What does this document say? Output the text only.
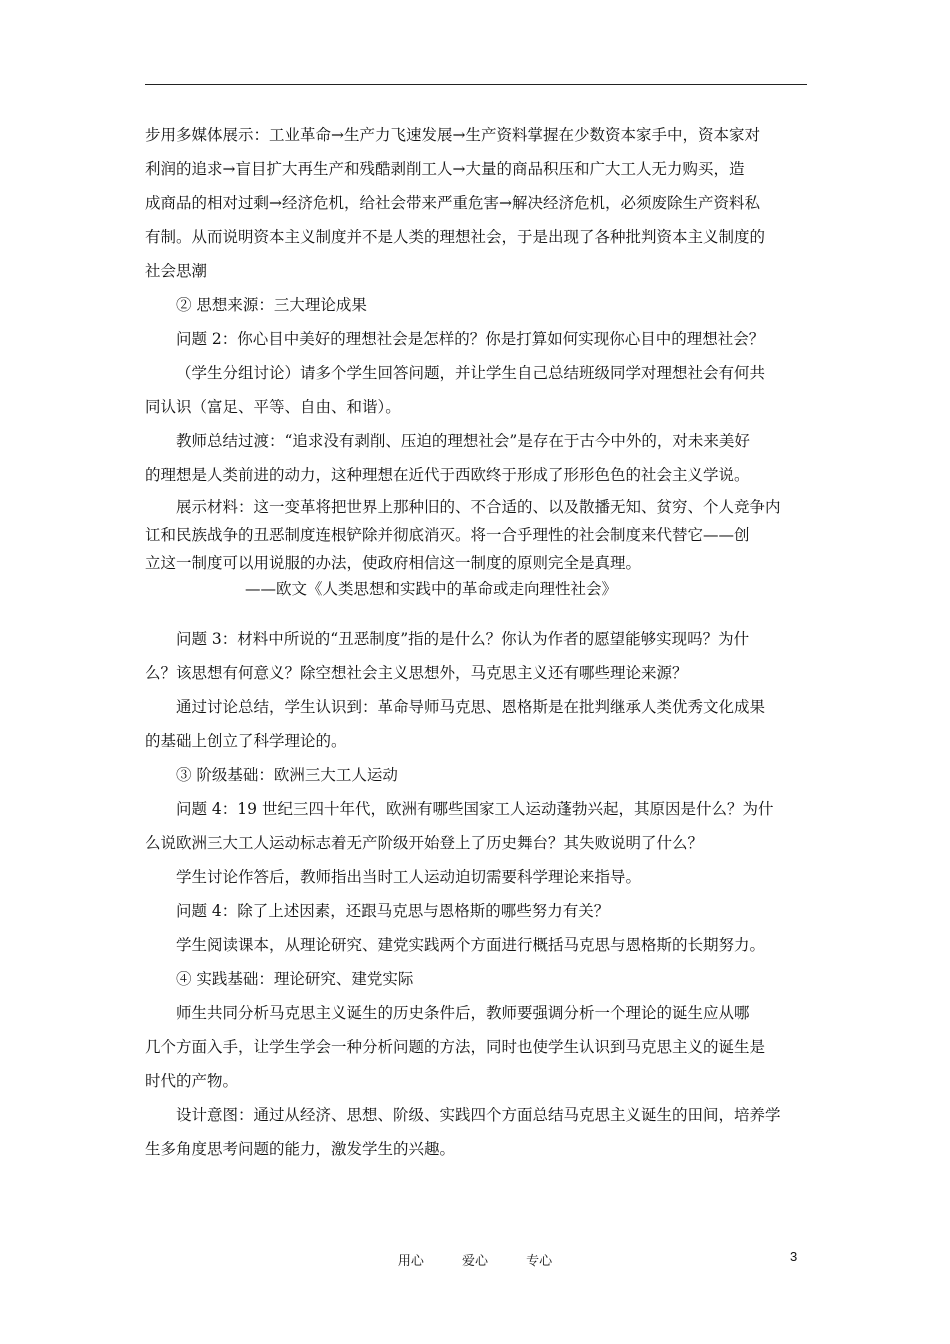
步用多媒体展示：工业革命→生产力飞速发展→生产资料掌握在少数资本家手中，资本家对

利润的追求→盲目扩大再生产和残酷剥削工人→大量的商品积压和广大工人无力购买，造

成商品的相对过剩→经济危机，给社会带来严重危害→解决经济危机，必须废除生产资料私

有制。从而说明资本主义制度并不是人类的理想社会，于是出现了各种批判资本主义制度的

社会思潮

② 思想来源：三大理论成果

问题 2：你心目中美好的理想社会是怎样的？你是打算如何实现你心目中的理想社会？

（学生分组讨论）请多个学生回答问题，并让学生自己总结班级同学对理想社会有何共

同认识（富足、平等、自由、和谐）。

教师总结过渡：“追求没有剥削、压迫的理想社会”是存在于古今中外的，对未来美好

的理想是人类前进的动力，这种理想在近代于西欧终于形成了形形色色的社会主义学说。

展示材料：这一变革将把世界上那种旧的、不合适的、以及散播无知、贫穷、个人竞争内

讧和民族战争的丑恶制度连根铲除并彻底消灭。将一合乎理性的社会制度来代替它——创

立这一制度可以用说服的办法，使政府相信这一制度的原则完全是真理。

——欧文《人类思想和实践中的革命或走向理性社会》

问题 3：材料中所说的“丑恶制度”指的是什么？你认为作者的愿望能够实现吗？为什

么？该思想有何意义？除空想社会主义思想外，马克思主义还有哪些理论来源？

通过讨论总结，学生认识到：革命导师马克思、恩格斯是在批判继承人类优秀文化成果

的基础上创立了科学理论的。

③ 阶级基础：欧洲三大工人运动

问题 4：19 世纪三四十年代，欧洲有哪些国家工人运动蓬勃兴起，其原因是什么？为什

么说欧洲三大工人运动标志着无产阶级开始登上了历史舞台？其失败说明了什么？

学生讨论作答后，教师指出当时工人运动迫切需要科学理论来指导。

问题 4：除了上述因素，还跟马克思与恩格斯的哪些努力有关？

学生阅读课本，从理论研究、建党实践两个方面进行概括马克思与恩格斯的长期努力。

④ 实践基础：理论研究、建党实际

师生共同分析马克思主义诞生的历史条件后，教师要强调分析一个理论的诞生应从哪

几个方面入手，让学生学会一种分析问题的方法，同时也使学生认识到马克思主义的诞生是

时代的产物。

设计意图：通过从经济、思想、阶级、实践四个方面总结马克思主义诞生的田间，培养学

生多角度思考问题的能力，激发学生的兴趣。

用心	爱心	专心	3
